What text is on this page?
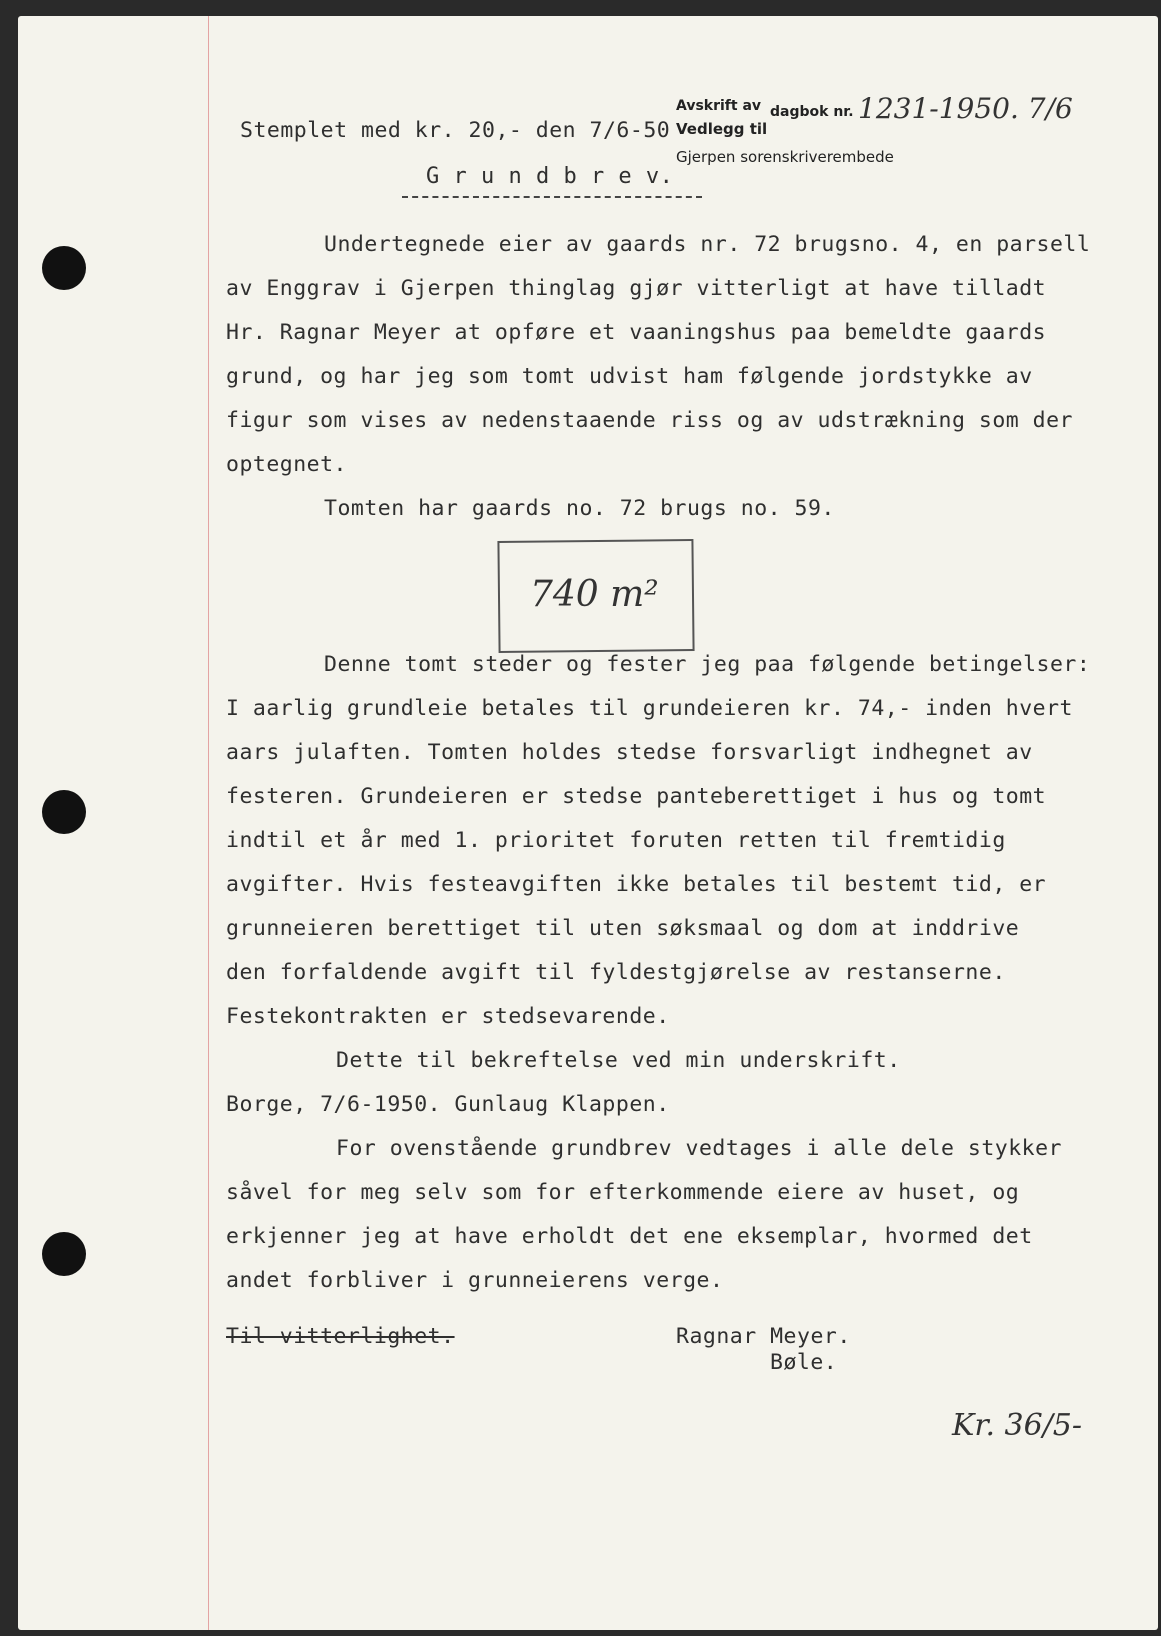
Stemplet med kr. 20,- den 7/6-50
Avskrift av dagbok nr.
Vedlegg til
Gjerpen sorenskriverembede
1231-1950. 7/6
G r u n d b r e v.
Undertegnede eier av gaards nr. 72 brugsno. 4, en parsell
av Enggrav i Gjerpen thinglag gjør vitterligt at have tilladt
Hr. Ragnar Meyer at opføre et vaaningshus paa bemeldte gaards
grund, og har jeg som tomt udvist ham følgende jordstykke av
figur som vises av nedenstaaende riss og av udstrækning som der
optegnet.
Tomten har gaards no. 72 brugs no. 59.
740 m²
Denne tomt steder og fester jeg paa følgende betingelser:
I aarlig grundleie betales til grundeieren kr. 74,- inden hvert
aars julaften. Tomten holdes stedse forsvarligt indhegnet av
festeren. Grundeieren er stedse panteberettiget i hus og tomt
indtil et år med 1. prioritet foruten retten til fremtidig
avgifter. Hvis festeavgiften ikke betales til bestemt tid, er
grunneieren berettiget til uten søksmaal og dom at inddrive
den forfaldende avgift til fyldestgjørelse av restanserne.
Festekontrakten er stedsevarende.
Dette til bekreftelse ved min underskrift.
Borge, 7/6-1950. Gunlaug Klappen.
For ovenstående grundbrev vedtages i alle dele stykker
såvel for meg selv som for efterkommende eiere av huset, og
erkjenner jeg at have erholdt det ene eksemplar, hvormed det
andet forbliver i grunneierens verge.
Til vitterlighet.	Ragnar Meyer.
Bøle.
Kr. 36/5-
